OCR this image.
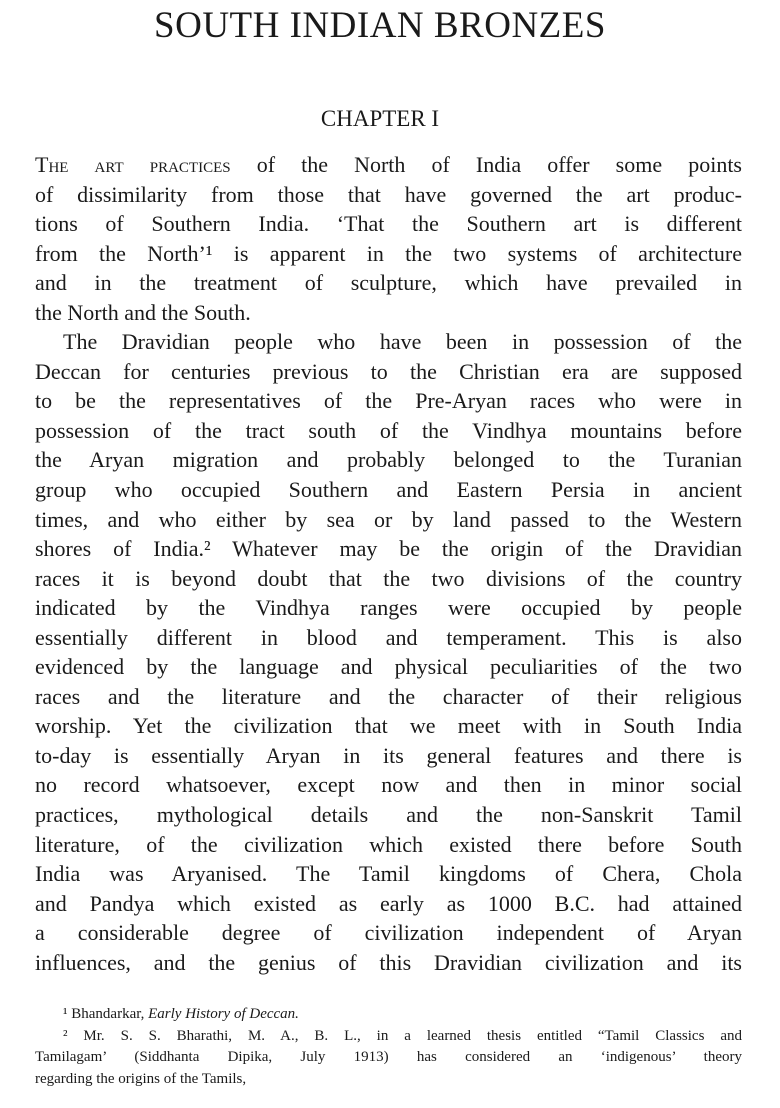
SOUTH INDIAN BRONZES
CHAPTER I
The art practices of the North of India offer some points
of dissimilarity from those that have governed the art produc-
tions of Southern India. ‘That the Southern art is different
from the North’¹ is apparent in the two systems of architecture
and in the treatment of sculpture, which have prevailed in
the North and the South.
The Dravidian people who have been in possession of the
Deccan for centuries previous to the Christian era are supposed
to be the representatives of the Pre-Aryan races who were in
possession of the tract south of the Vindhya mountains before
the Aryan migration and probably belonged to the Turanian
group who occupied Southern and Eastern Persia in ancient
times, and who either by sea or by land passed to the Western
shores of India.² Whatever may be the origin of the Dravidian
races it is beyond doubt that the two divisions of the country
indicated by the Vindhya ranges were occupied by people
essentially different in blood and temperament. This is also
evidenced by the language and physical peculiarities of the two
races and the literature and the character of their religious
worship. Yet the civilization that we meet with in South India
to-day is essentially Aryan in its general features and there is
no record whatsoever, except now and then in minor social
practices, mythological details and the non-Sanskrit Tamil
literature, of the civilization which existed there before South
India was Aryanised. The Tamil kingdoms of Chera, Chola
and Pandya which existed as early as 1000 B.C. had attained
a considerable degree of civilization independent of Aryan
influences, and the genius of this Dravidian civilization and its
¹ Bhandarkar, Early History of Deccan.
² Mr. S. S. Bharathi, M. A., B. L., in a learned thesis entitled “Tamil Classics and
Tamilagam’ (Siddhanta Dipika, July 1913) has considered an ‘indigenous’ theory
regarding the origins of the Tamils,
